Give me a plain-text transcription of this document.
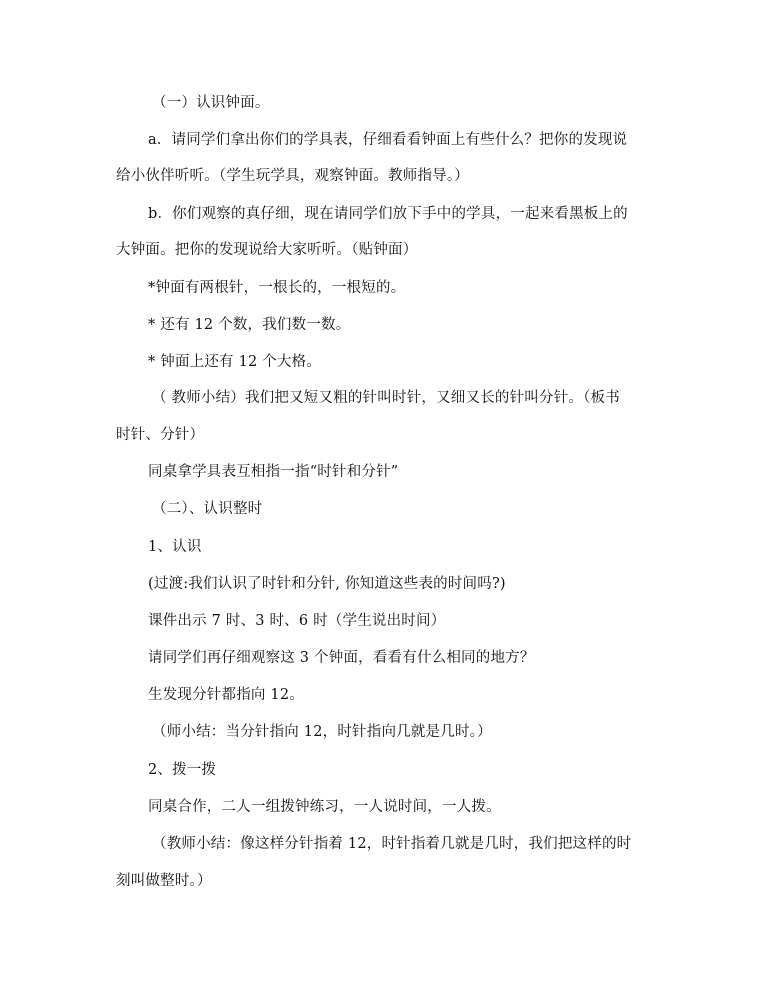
（一）认识钟面。
a．请同学们拿出你们的学具表，仔细看看钟面上有些什么？把你的发现说
给小伙伴听听。（学生玩学具，观察钟面。教师指导。）
b．你们观察的真仔细，现在请同学们放下手中的学具，一起来看黑板上的
大钟面。把你的发现说给大家听听。（贴钟面）
*钟面有两根针，一根长的，一根短的。
* 还有 12 个数，我们数一数。
* 钟面上还有 12 个大格。
（ 教师小结）我们把又短又粗的针叫时针，又细又长的针叫分针。（板书
时针、分针）
同桌拿学具表互相指一指“时针和分针”
（二）、认识整时
1、认识
(过渡:我们认识了时针和分针, 你知道这些表的时间吗?)
课件出示 7 时、3 时、6 时（学生说出时间）
请同学们再仔细观察这 3 个钟面，看看有什么相同的地方？
生发现分针都指向 12。
（师小结：当分针指向 12，时针指向几就是几时。）
2、拨一拨
同桌合作，二人一组拨钟练习，一人说时间，一人拨。
（教师小结：像这样分针指着 12，时针指着几就是几时，我们把这样的时
刻叫做整时。）
